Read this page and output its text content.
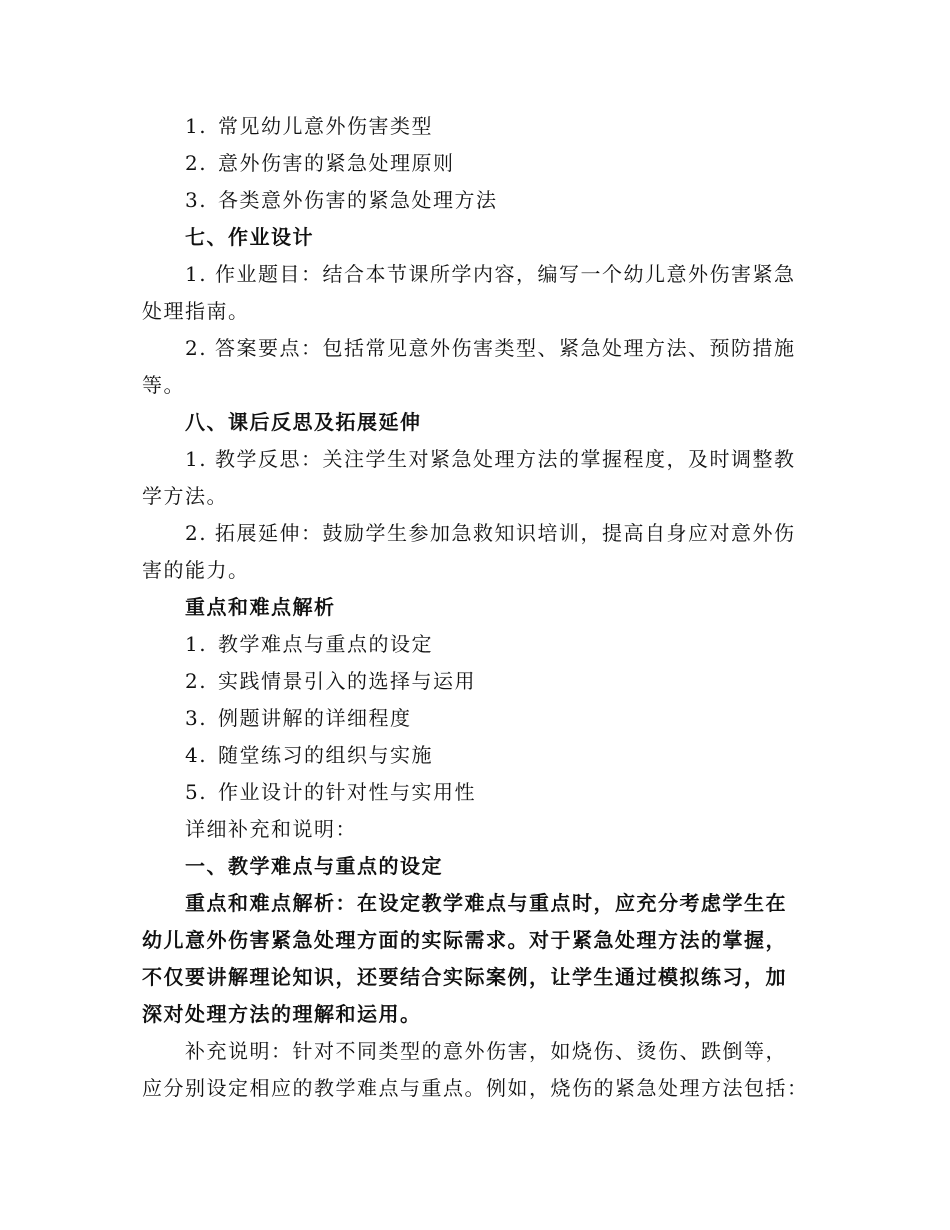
1. 常见幼儿意外伤害类型
2. 意外伤害的紧急处理原则
3. 各类意外伤害的紧急处理方法
七、作业设计
1. 作业题目：结合本节课所学内容，编写一个幼儿意外伤害紧急
处理指南。
2. 答案要点：包括常见意外伤害类型、紧急处理方法、预防措施
等。
八、课后反思及拓展延伸
1. 教学反思：关注学生对紧急处理方法的掌握程度，及时调整教
学方法。
2. 拓展延伸：鼓励学生参加急救知识培训，提高自身应对意外伤
害的能力。
重点和难点解析
1. 教学难点与重点的设定
2. 实践情景引入的选择与运用
3. 例题讲解的详细程度
4. 随堂练习的组织与实施
5. 作业设计的针对性与实用性
详细补充和说明：
一、教学难点与重点的设定
重点和难点解析：在设定教学难点与重点时，应充分考虑学生在
幼儿意外伤害紧急处理方面的实际需求。对于紧急处理方法的掌握，
不仅要讲解理论知识，还要结合实际案例，让学生通过模拟练习，加
深对处理方法的理解和运用。
补充说明：针对不同类型的意外伤害，如烧伤、烫伤、跌倒等，
应分别设定相应的教学难点与重点。例如，烧伤的紧急处理方法包括：
